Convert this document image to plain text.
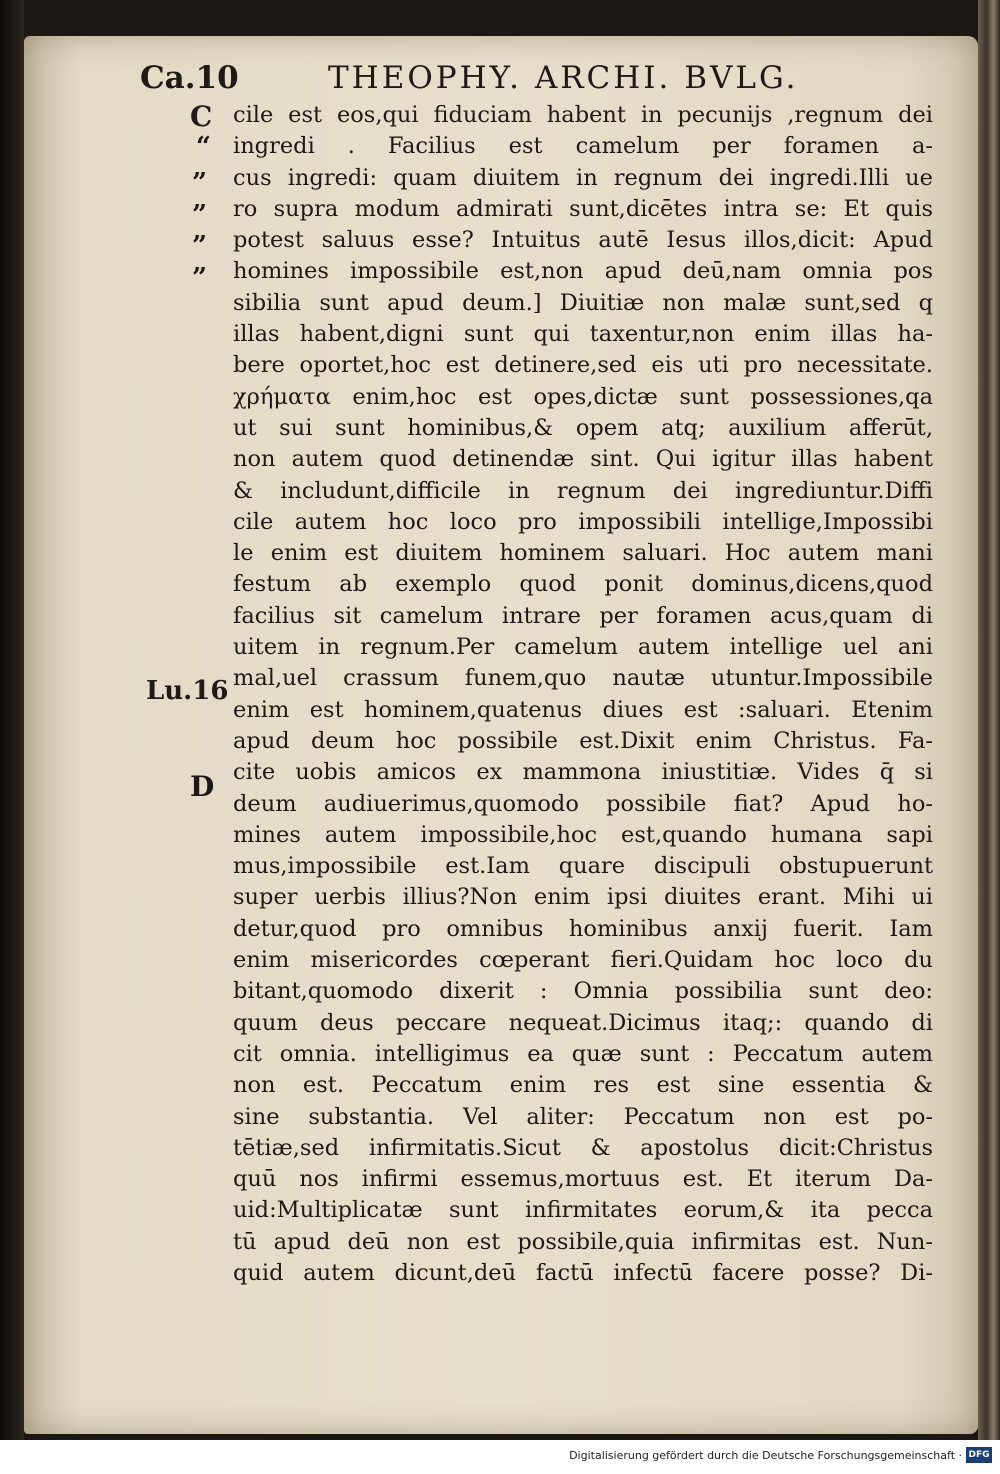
Ca.10	THEOPHY. ARCHI. BVLG.
C
“
”
”
”
”
Lu.16
D
cile est eos,qui fiduciam habent in pecunijs ,regnum dei
ingredi . Facilius est camelum per foramen a-
cus ingredi: quam diuitem in regnum dei ingredi.Illi ue
ro supra modum admirati sunt,dicētes intra se: Et quis
potest saluus esse? Intuitus autē Iesus illos,dicit: Apud
homines impossibile est,non apud deū,nam omnia pos
sibilia sunt apud deum.] Diuitiæ non malæ sunt,sed q
illas habent,digni sunt qui taxentur,non enim illas ha-
bere oportet,hoc est detinere,sed eis uti pro necessitate.
χρήματα enim,hoc est opes,dictæ sunt possessiones,qa
ut sui sunt hominibus,& opem atq; auxilium afferūt,
non autem quod detinendæ sint. Qui igitur illas habent
& includunt,difficile in regnum dei ingrediuntur.Diffi
cile autem hoc loco pro impossibili intellige,Impossibi
le enim est diuitem hominem saluari. Hoc autem mani
festum ab exemplo quod ponit dominus,dicens,quod
facilius sit camelum intrare per foramen acus,quam di
uitem in regnum.Per camelum autem intellige uel ani
mal,uel crassum funem,quo nautæ utuntur.Impossibile
enim est hominem,quatenus diues est :saluari. Etenim
apud deum hoc possibile est.Dixit enim Christus. Fa-
cite uobis amicos ex mammona iniustitiæ. Vides q̄ si
deum audiuerimus,quomodo possibile fiat? Apud ho-
mines autem impossibile,hoc est,quando humana sapi
mus,impossibile est.Iam quare discipuli obstupuerunt
super uerbis illius?Non enim ipsi diuites erant. Mihi ui
detur,quod pro omnibus hominibus anxij fuerit. Iam
enim misericordes cœperant fieri.Quidam hoc loco du
bitant,quomodo dixerit : Omnia possibilia sunt deo:
quum deus peccare nequeat.Dicimus itaq;: quando di
cit omnia. intelligimus ea quæ sunt : Peccatum autem
non est. Peccatum enim res est sine essentia &
sine substantia. Vel aliter: Peccatum non est po-
tētiæ,sed infirmitatis.Sicut & apostolus dicit:Christus
quū nos infirmi essemus,mortuus est. Et iterum Da-
uid:Multiplicatæ sunt infirmitates eorum,& ita pecca
tū apud deū non est possibile,quia infirmitas est. Nun-
quid autem dicunt,deū factū infectū facere posse? Di-
Digitalisierung gefördert durch die Deutsche Forschungsgemeinschaft · DFG
